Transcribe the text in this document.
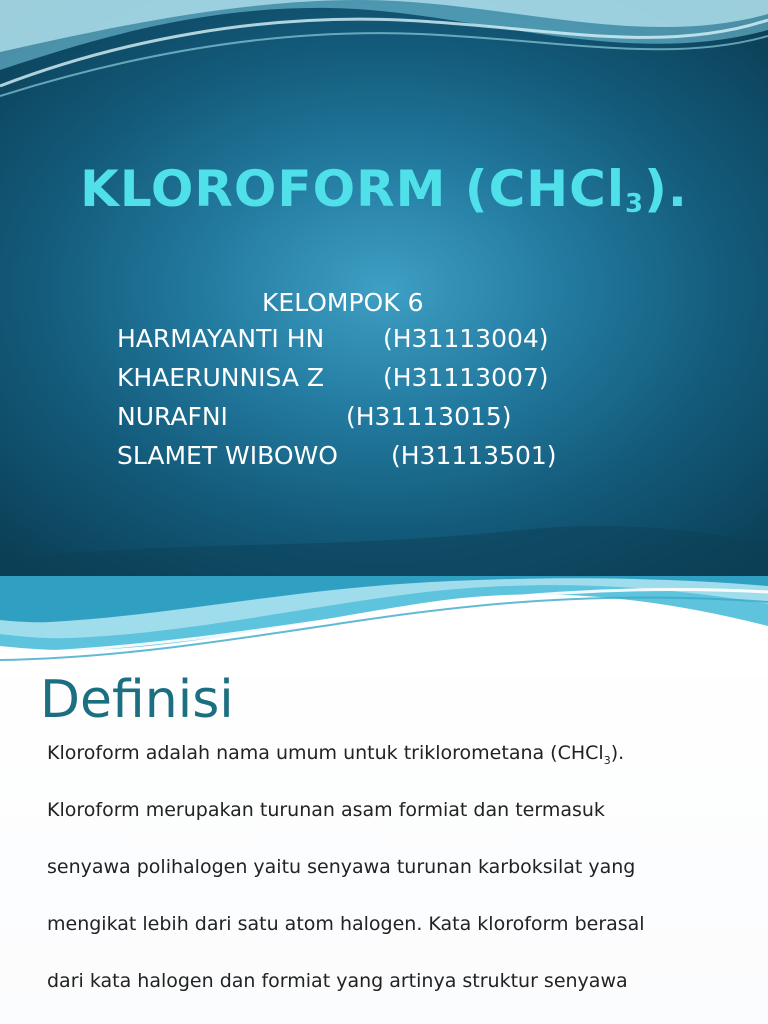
KLOROFORM (CHCl$_3$).
KELOMPOK 6
HARMAYANTI HN (H31113004)
KHAERUNNISA Z (H31113007)
NURAFNI	(H31113015)
SLAMET WIBOWO (H31113501)
Definisi
Kloroform adalah nama umum untuk triklorometana (CHCl$_3$).
Kloroform merupakan turunan asam formiat dan termasuk
senyawa polihalogen yaitu senyawa turunan karboksilat yang
mengikat lebih dari satu atom halogen. Kata kloroform berasal
dari kata halogen dan formiat yang artinya struktur senyawa
